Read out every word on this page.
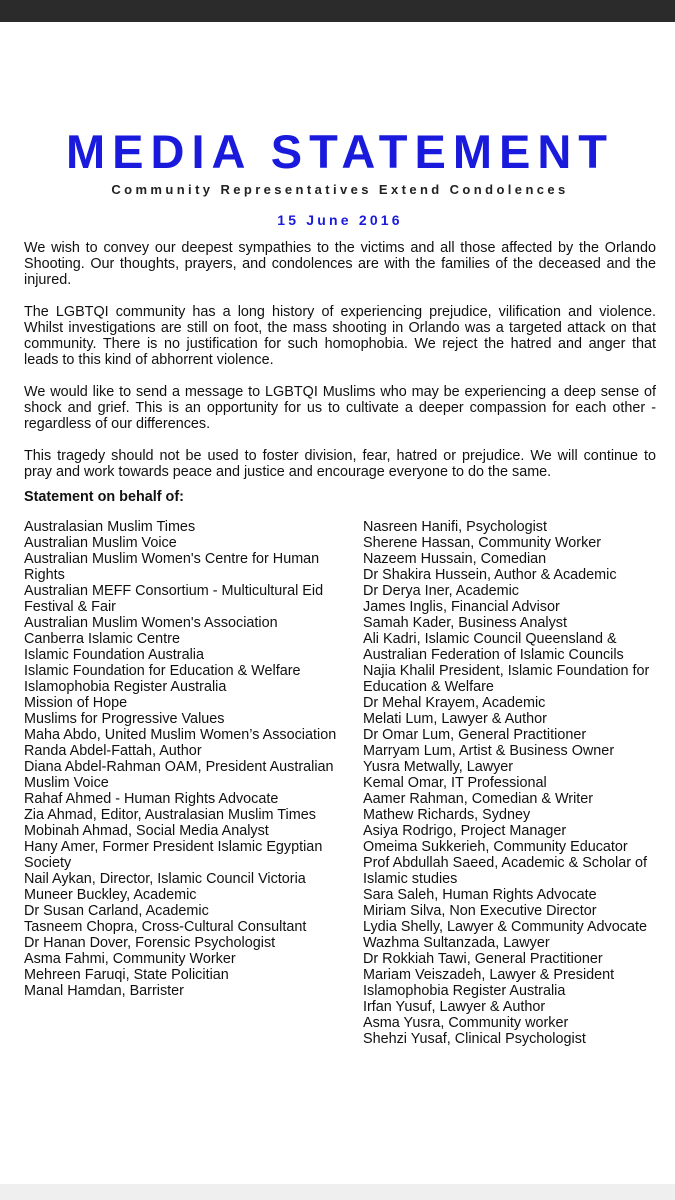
MEDIA STATEMENT
Community Representatives Extend Condolences
15 June 2016

We wish to convey our deepest sympathies to the victims and all those affected by the Orlando Shooting. Our thoughts, prayers, and condolences are with the families of the deceased and the injured.

The LGBTQI community has a long history of experiencing prejudice, vilification and violence. Whilst investigations are still on foot, the mass shooting in Orlando was a targeted attack on that community. There is no justification for such homophobia. We reject the hatred and anger that leads to this kind of abhorrent violence.

We would like to send a message to LGBTQI Muslims who may be experiencing a deep sense of shock and grief. This is an opportunity for us to cultivate a deeper compassion for each other - regardless of our differences.

This tragedy should not be used to foster division, fear, hatred or prejudice. We will continue to pray and work towards peace and justice and encourage everyone to do the same.

Statement on behalf of:
Australasian Muslim Times
Australian Muslim Voice
Australian Muslim Women's Centre for Human Rights
Australian MEFF Consortium - Multicultural Eid Festival & Fair
Australian Muslim Women's Association
Canberra Islamic Centre
Islamic Foundation Australia
Islamic Foundation for Education & Welfare
Islamophobia Register Australia
Mission of Hope
Muslims for Progressive Values
Maha Abdo, United Muslim Women’s Association
Randa Abdel-Fattah, Author
Diana Abdel-Rahman OAM, President Australian Muslim Voice
Rahaf Ahmed - Human Rights Advocate
Zia Ahmad, Editor, Australasian Muslim Times
Mobinah Ahmad, Social Media Analyst
Hany Amer, Former President Islamic Egyptian Society
Nail Aykan, Director, Islamic Council Victoria
Muneer Buckley, Academic
Dr Susan Carland, Academic
Tasneem Chopra, Cross-Cultural Consultant
Dr Hanan Dover, Forensic Psychologist
Asma Fahmi, Community Worker
Mehreen Faruqi, State Policitian
Manal Hamdan, Barrister
Nasreen Hanifi, Psychologist
Sherene Hassan, Community Worker
Nazeem Hussain, Comedian
Dr Shakira Hussein, Author & Academic
Dr Derya Iner, Academic
James Inglis, Financial Advisor
Samah Kader, Business Analyst
Ali Kadri, Islamic Council Queensland & Australian Federation of Islamic Councils
Najia Khalil President, Islamic Foundation for Education & Welfare
Dr Mehal Krayem, Academic
Melati Lum, Lawyer & Author
Dr Omar Lum, General Practitioner
Marryam Lum, Artist & Business Owner
Yusra Metwally, Lawyer
Kemal Omar, IT Professional
Aamer Rahman, Comedian & Writer
Mathew Richards, Sydney
Asiya Rodrigo, Project Manager
Omeima Sukkerieh, Community Educator
Prof Abdullah Saeed, Academic & Scholar of Islamic studies
Sara Saleh, Human Rights Advocate
Miriam Silva, Non Executive Director
Lydia Shelly, Lawyer & Community Advocate
Wazhma Sultanzada, Lawyer
Dr Rokkiah Tawi, General Practitioner
Mariam Veiszadeh, Lawyer & President Islamophobia Register Australia
Irfan Yusuf, Lawyer & Author
Asma Yusra, Community worker
Shehzi Yusaf, Clinical Psychologist
